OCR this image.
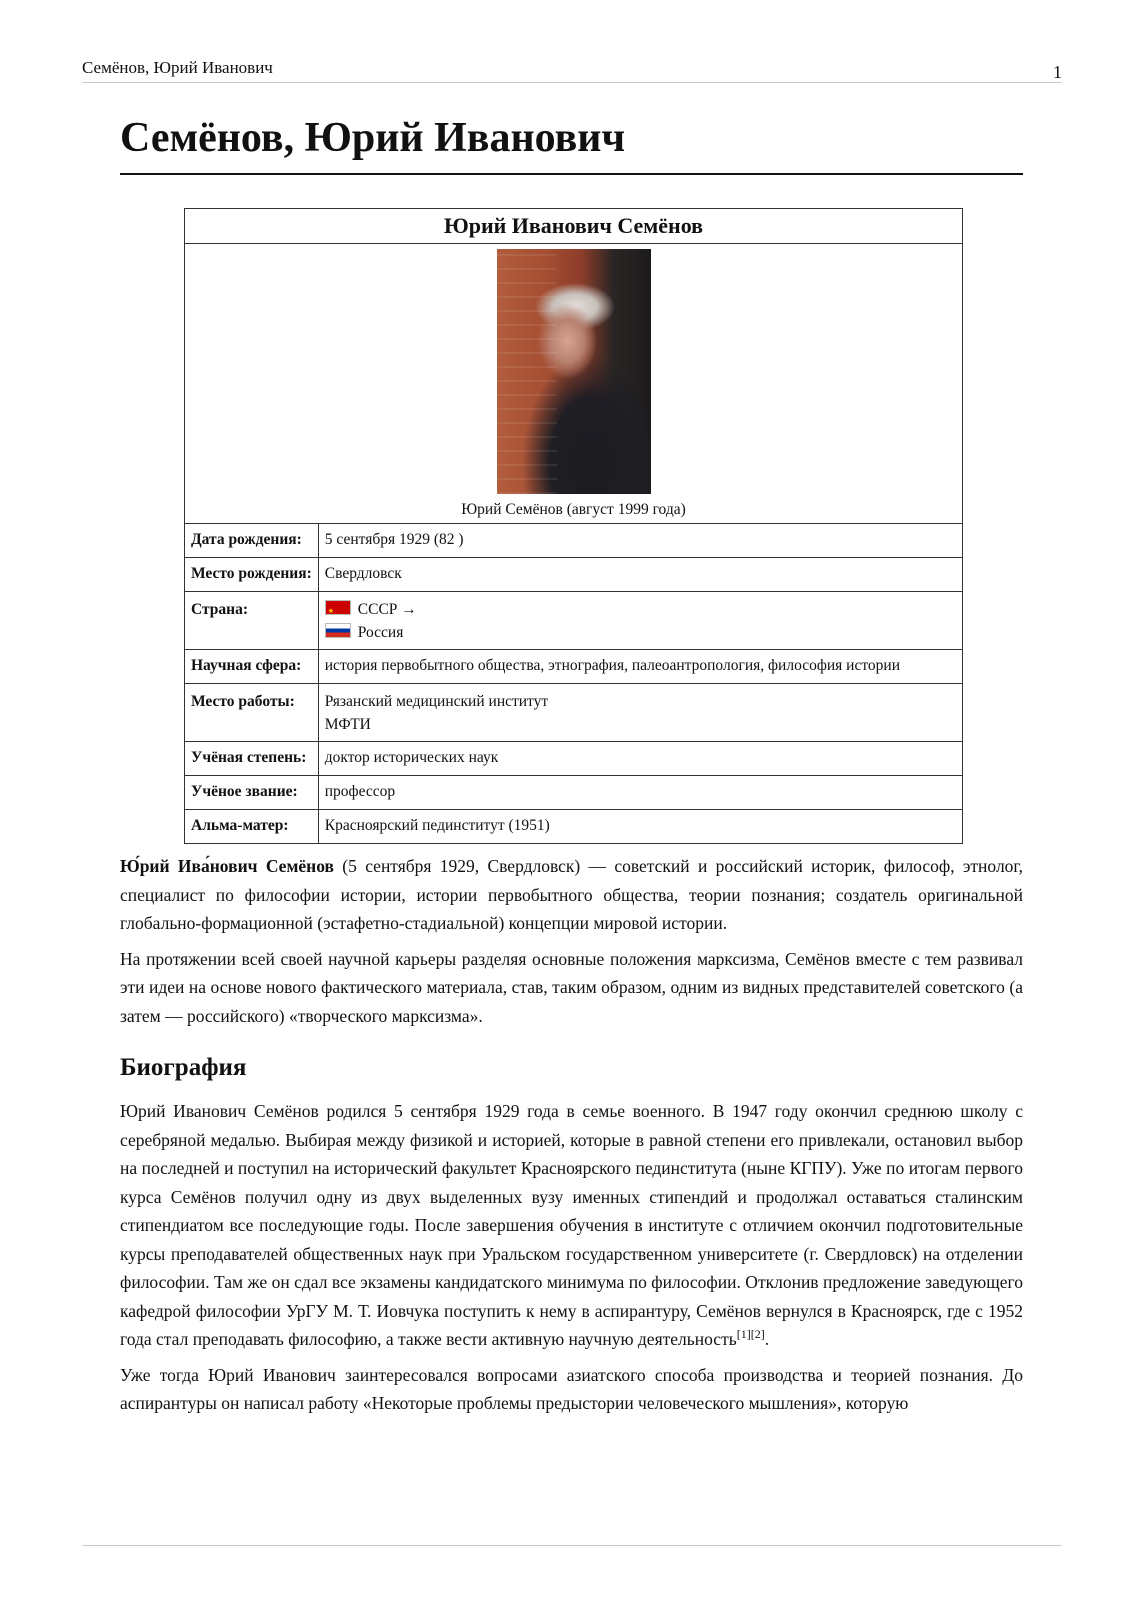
Семёнов, Юрий Иванович	1
Семёнов, Юрий Иванович
Юрий Иванович Семёнов	

Юрий Семёнов (август 1999 года)	

Дата рождения:	5 сентября 1929 (82 )
Место рождения:	Свердловск
Страна:	
★СССР →
Россия

Научная сфера:	история первобытного общества, этнография, палеоантропология, философия истории
Место работы:	Рязанский медицинский институт
МФТИ

Учёная степень:	доктор исторических наук
Учёное звание:	профессор
Альма-матер:	Красноярский пединститут (1951)

Ю́рий Ива́нович Семёнов (5 сентября 1929, Свердловск) — советский и российский историк, философ, этнолог, специалист по философии истории, истории первобытного общества, теории познания; создатель оригинальной глобально-формационной (эстафетно-стадиальной) концепции мировой истории.

На протяжении всей своей научной карьеры разделяя основные положения марксизма, Семёнов вместе с тем развивал эти идеи на основе нового фактического материала, став, таким образом, одним из видных представителей советского (а затем — российского) «творческого марксизма».

Биография

Юрий Иванович Семёнов родился 5 сентября 1929 года в семье военного. В 1947 году окончил среднюю школу с серебряной медалью. Выбирая между физикой и историей, которые в равной степени его привлекали, остановил выбор на последней и поступил на исторический факультет Красноярского пединститута (ныне КГПУ). Уже по итогам первого курса Семёнов получил одну из двух выделенных вузу именных стипендий и продолжал оставаться сталинским стипендиатом все последующие годы. После завершения обучения в институте с отличием окончил подготовительные курсы преподавателей общественных наук при Уральском государственном университете (г. Свердловск) на отделении философии. Там же он сдал все экзамены кандидатского минимума по философии. Отклонив предложение заведующего кафедрой философии УрГУ М. Т. Иовчука поступить к нему в аспирантуру, Семёнов вернулся в Красноярск, где с 1952 года стал преподавать философию, а также вести активную научную деятельность[1][2].

Уже тогда Юрий Иванович заинтересовался вопросами азиатского способа производства и теорией познания. До аспирантуры он написал работу «Некоторые проблемы предыстории человеческого мышления», которую
